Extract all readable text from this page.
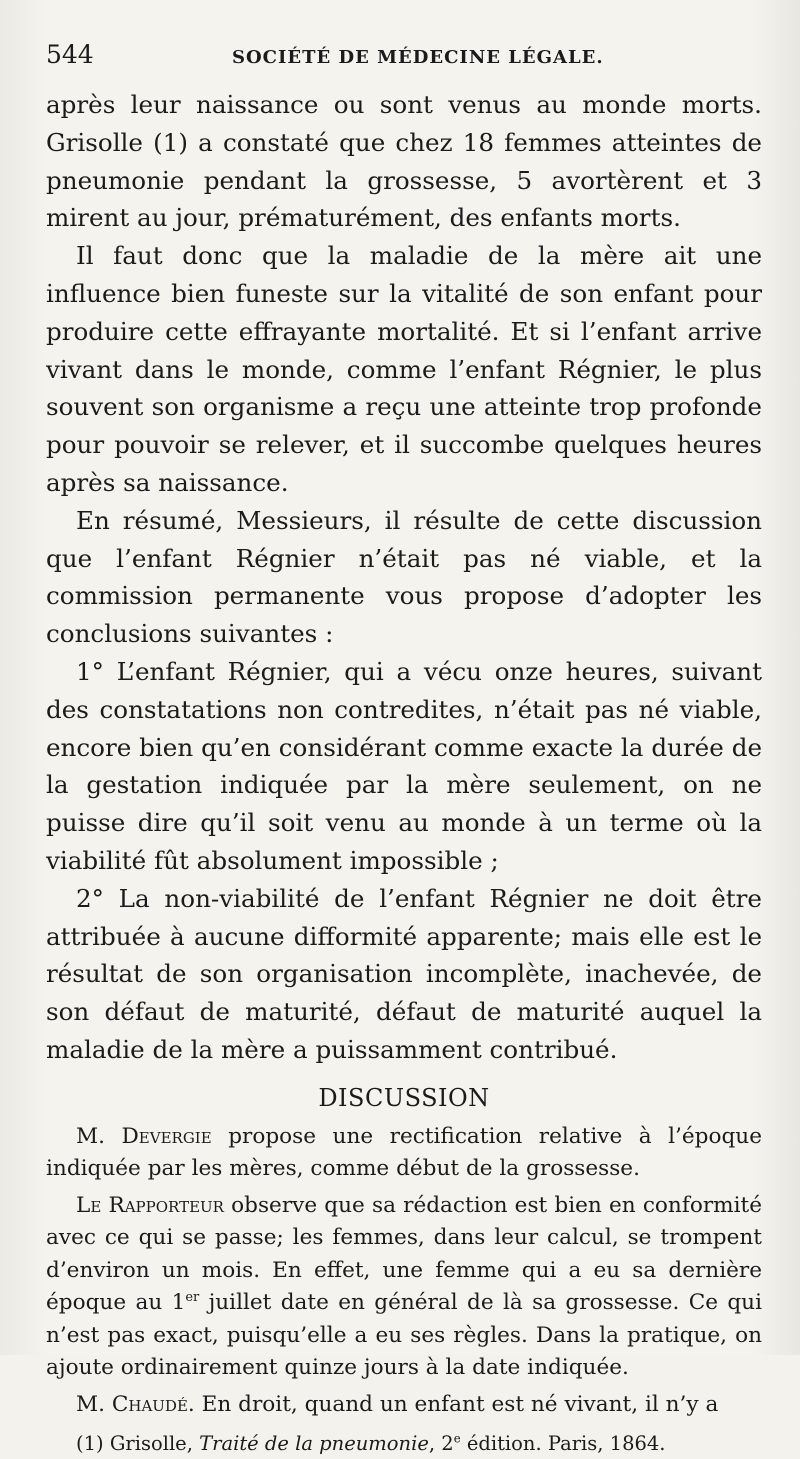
544	SOCIÉTÉ DE MÉDECINE LÉGALE.

après leur naissance ou sont venus au monde morts. Grisolle (1) a constaté que chez 18 femmes atteintes de pneumonie pendant la grossesse, 5 avortèrent et 3 mirent au jour, prématurément, des enfants morts.

Il faut donc que la maladie de la mère ait une influence bien funeste sur la vitalité de son enfant pour produire cette effrayante mortalité. Et si l’enfant arrive vivant dans le monde, comme l’enfant Régnier, le plus souvent son organisme a reçu une atteinte trop profonde pour pouvoir se relever, et il succombe quelques heures après sa naissance.

En résumé, Messieurs, il résulte de cette discussion que l’enfant Régnier n’était pas né viable, et la commission permanente vous propose d’adopter les conclusions suivantes :

1° L’enfant Régnier, qui a vécu onze heures, suivant des constatations non contredites, n’était pas né viable, encore bien qu’en considérant comme exacte la durée de la gestation indiquée par la mère seulement, on ne puisse dire qu’il soit venu au monde à un terme où la viabilité fût absolument impossible ;

2° La non-viabilité de l’enfant Régnier ne doit être attribuée à aucune difformité apparente; mais elle est le résultat de son organisation incomplète, inachevée, de son défaut de maturité, défaut de maturité auquel la maladie de la mère a puissamment contribué.

DISCUSSION

M. Devergie propose une rectification relative à l’époque indiquée par les mères, comme début de la grossesse.

Le Rapporteur observe que sa rédaction est bien en conformité avec ce qui se passe; les femmes, dans leur calcul, se trompent d’environ un mois. En effet, une femme qui a eu sa dernière époque au 1er juillet date en général de là sa grossesse. Ce qui n’est pas exact, puisqu’elle a eu ses règles. Dans la pratique, on ajoute ordinairement quinze jours à la date indiquée.

M. Chaudé. En droit, quand un enfant est né vivant, il n’y a

(1) Grisolle, Traité de la pneumonie, 2e édition. Paris, 1864.
